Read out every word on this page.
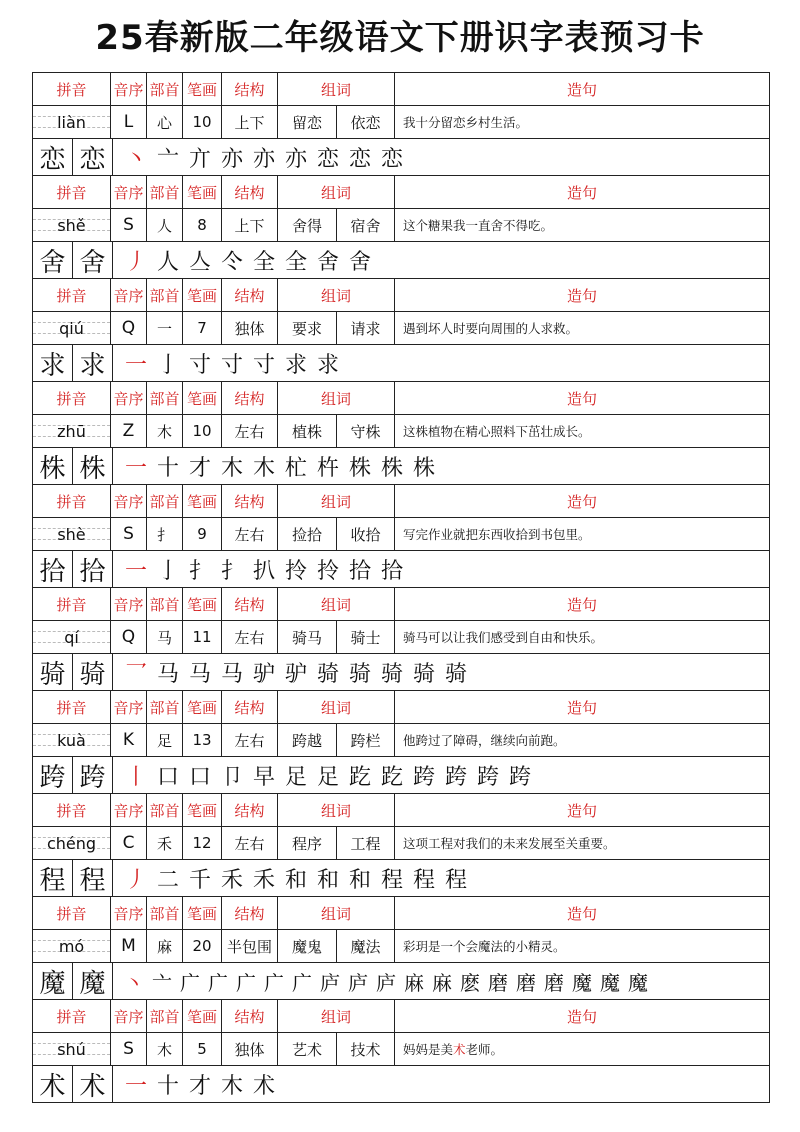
25春新版二年级语文下册识字表预习卡
拼音	音序 部首 笔画	结构	组词	造句
liàn	L	心	10	上下	留恋	依恋	我十分留恋乡村生活。
恋 恋 丶 亠 亣 亦 亦 亦 恋 恋 恋
拼音	音序 部首 笔画	结构	组词	造句
shě	S	人	8	上下	舍得	宿舍	这个糖果我一直舍不得吃。
舍 舍 丿 人 亼 仒 全 全 舍 舍
拼音	音序 部首 笔画	结构	组词	造句
qiú	Q	一	7	独体	要求	请求	遇到坏人时要向周围的人求救。
求 求 一 亅 寸 寸 寸 求 求
拼音	音序 部首 笔画	结构	组词	造句
zhū	Z	木	10	左右	植株	守株	这株植物在精心照料下茁壮成长。
株 株 一 十 才 木 木 杧 杵 株 株 株
拼音	音序 部首 笔画	结构	组词	造句
shè	S	扌	9	左右	捡拾	收拾	写完作业就把东西收拾到书包里。
拾 拾 一 亅 扌 扌 扒 拎 拎 拾 拾
拼音	音序 部首 笔画	结构	组词	造句
qí	Q	马	11	左右	骑马	骑士	骑马可以让我们感受到自由和快乐。
骑 骑 乛 马 马 马 驴 驴 骑 骑 骑 骑 骑
拼音	音序 部首 笔画	结构	组词	造句
kuà	K	足	13	左右	跨越	跨栏	他跨过了障碍，继续向前跑。
跨 跨 丨 口 口 卩 早 足 足 趷 趷 跨 跨 跨 跨
拼音	音序 部首 笔画	结构	组词	造句
chéng	C	禾	12	左右	程序	工程	这项工程对我们的未来发展至关重要。
程 程 丿 二 千 禾 禾 和 和 和 程 程 程
拼音	音序 部首 笔画	结构	组词	造句
mó	M	麻	20	半包围	魔鬼	魔法	彩玥是一个会魔法的小精灵。
魔 魔 丶 亠 广 广 广 广 广 庐 庐 庐 麻 麻 麽 磨 磨 磨 魔 魔 魔
拼音	音序 部首 笔画	结构	组词	造句
shú	S	木	5	独体	艺术	技术	妈妈是美 术 老师。
术 术 一 十 才 木 术
